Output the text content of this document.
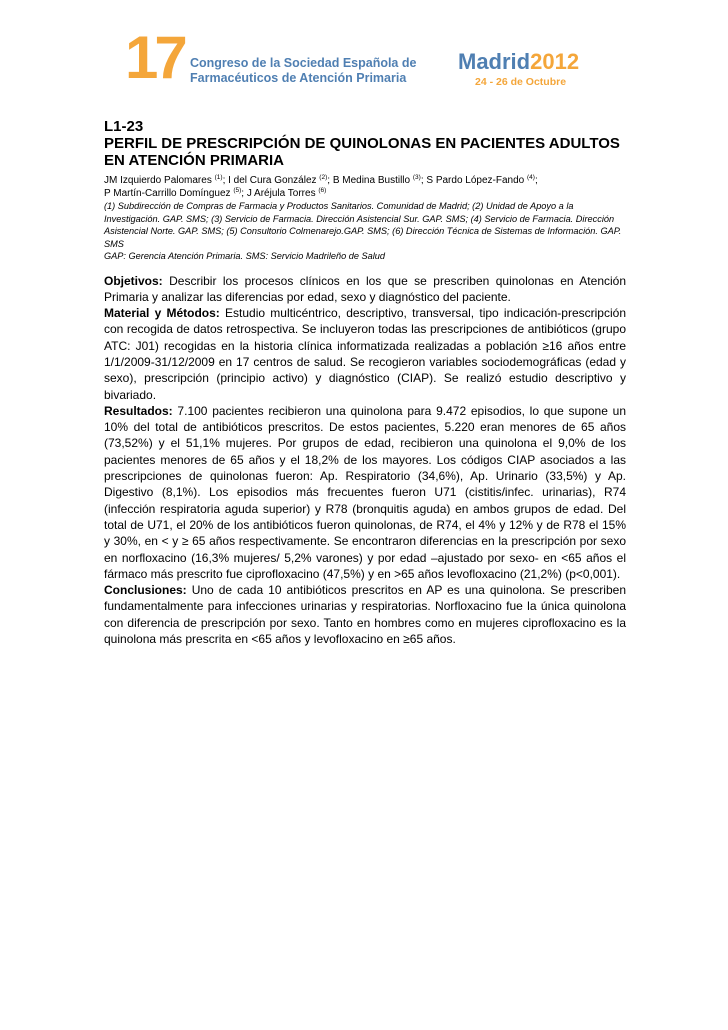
17 Congreso de la Sociedad Española de
Farmacéuticos de Atención Primaria
Madrid2012
24 - 26 de Octubre
L1-23
PERFIL DE PRESCRIPCIÓN DE QUINOLONAS EN PACIENTES ADULTOS
EN ATENCIÓN PRIMARIA
JM Izquierdo Palomares $^{(1)}$; I del Cura González $^{(2)}$; B Medina Bustillo $^{(3)}$; S Pardo López-Fando $^{(4)}$;
P Martín-Carrillo Domínguez $^{(5)}$; J Aréjula Torres $^{(6)}$
(1) Subdirección de Compras de Farmacia y Productos Sanitarios. Comunidad de Madrid; (2) Unidad de Apoyo a la Investigación. GAP. SMS; (3) Servicio de Farmacia. Dirección Asistencial Sur. GAP. SMS; (4) Servicio de Farmacia. Dirección Asistencial Norte. GAP. SMS; (5) Consultorio Colmenarejo.GAP. SMS; (6) Dirección Técnica de Sistemas de Información. GAP. SMS
GAP: Gerencia Atención Primaria. SMS: Servicio Madrileño de Salud

Objetivos: Describir los procesos clínicos en los que se prescriben quinolonas en Atención Primaria y analizar las diferencias por edad, sexo y diagnóstico del paciente.

Material y Métodos: Estudio multicéntrico, descriptivo, transversal, tipo indicación-prescripción con recogida de datos retrospectiva. Se incluyeron todas las prescripciones de antibióticos (grupo ATC: J01) recogidas en la historia clínica informatizada realizadas a población ≥16 años entre 1/1/2009-31/12/2009 en 17 centros de salud. Se recogieron variables sociodemográficas (edad y sexo), prescripción (principio activo) y diagnóstico (CIAP). Se realizó estudio descriptivo y bivariado.

Resultados: 7.100 pacientes recibieron una quinolona para 9.472 episodios, lo que supone un 10% del total de antibióticos prescritos. De estos pacientes, 5.220 eran menores de 65 años (73,52%) y el 51,1% mujeres. Por grupos de edad, recibieron una quinolona el 9,0% de los pacientes menores de 65 años y el 18,2% de los mayores. Los códigos CIAP asociados a las prescripciones de quinolonas fueron: Ap. Respiratorio (34,6%), Ap. Urinario (33,5%) y Ap. Digestivo (8,1%). Los episodios más frecuentes fueron U71 (cistitis/infec. urinarias), R74 (infección respiratoria aguda superior) y R78 (bronquitis aguda) en ambos grupos de edad. Del total de U71, el 20% de los antibióticos fueron quinolonas, de R74, el 4% y 12% y de R78 el 15% y 30%, en < y ≥ 65 años respectivamente. Se encontraron diferencias en la prescripción por sexo en norfloxacino (16,3% mujeres/ 5,2% varones) y por edad –ajustado por sexo- en <65 años el fármaco más prescrito fue ciprofloxacino (47,5%) y en >65 años levofloxacino (21,2%) (p<0,001).

Conclusiones: Uno de cada 10 antibióticos prescritos en AP es una quinolona. Se prescriben fundamentalmente para infecciones urinarias y respiratorias. Norfloxacino fue la única quinolona con diferencia de prescripción por sexo. Tanto en hombres como en mujeres ciprofloxacino es la quinolona más prescrita en <65 años y levofloxacino en ≥65 años.
